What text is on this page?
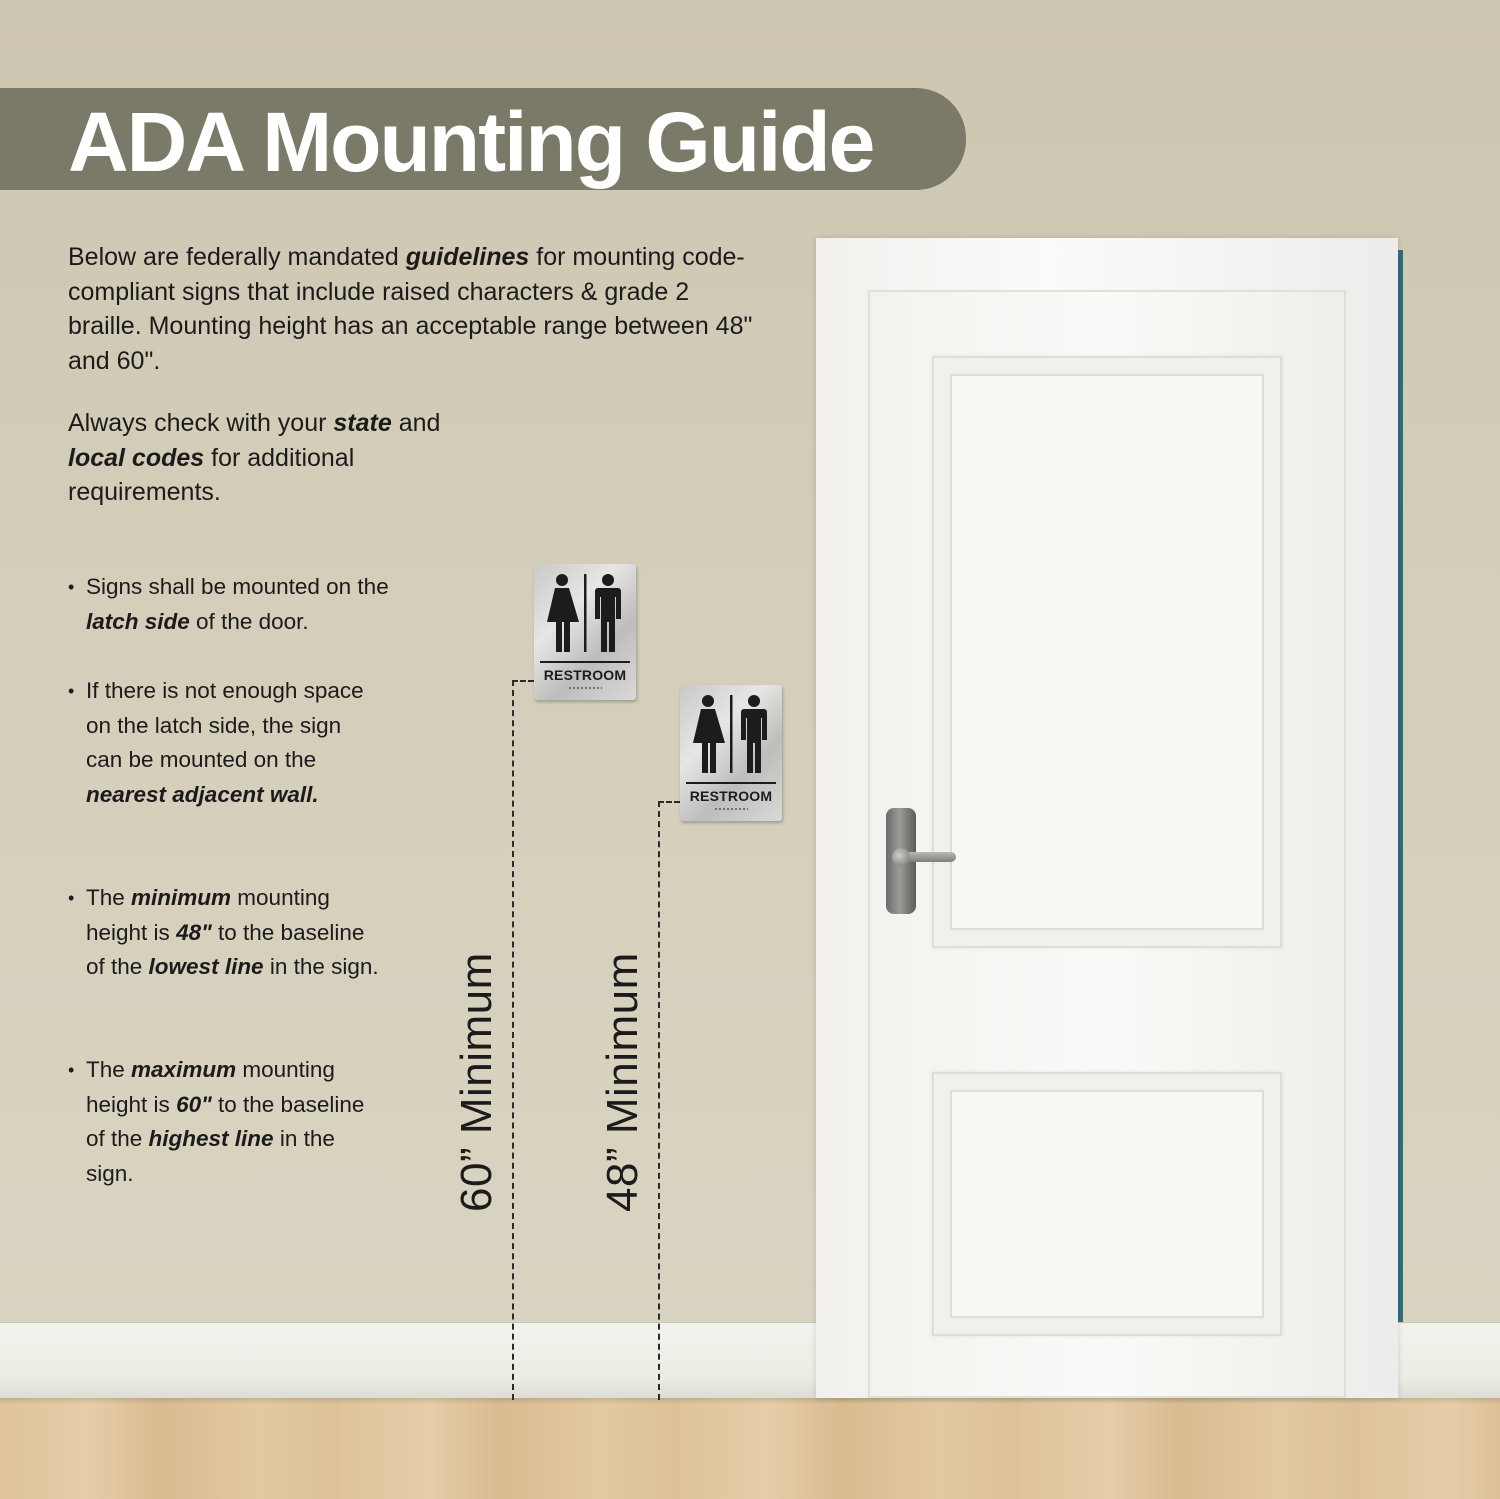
ADA Mounting Guide

Below are federally mandated guidelines for mounting code-compliant signs that include raised characters & grade 2 braille. Mounting height has an acceptable range between 48" and 60".

Always check with your state and local codes for additional requirements.

• Signs shall be mounted on the latch side of the door.

• If there is not enough space on the latch side, the sign can be mounted on the nearest adjacent wall.

• The minimum mounting height is 48" to the baseline of the lowest line in the sign.

• The maximum mounting height is 60" to the baseline of the highest line in the sign.	60” Minimum 48” Minimum
RESTROOM
RESTROOM
